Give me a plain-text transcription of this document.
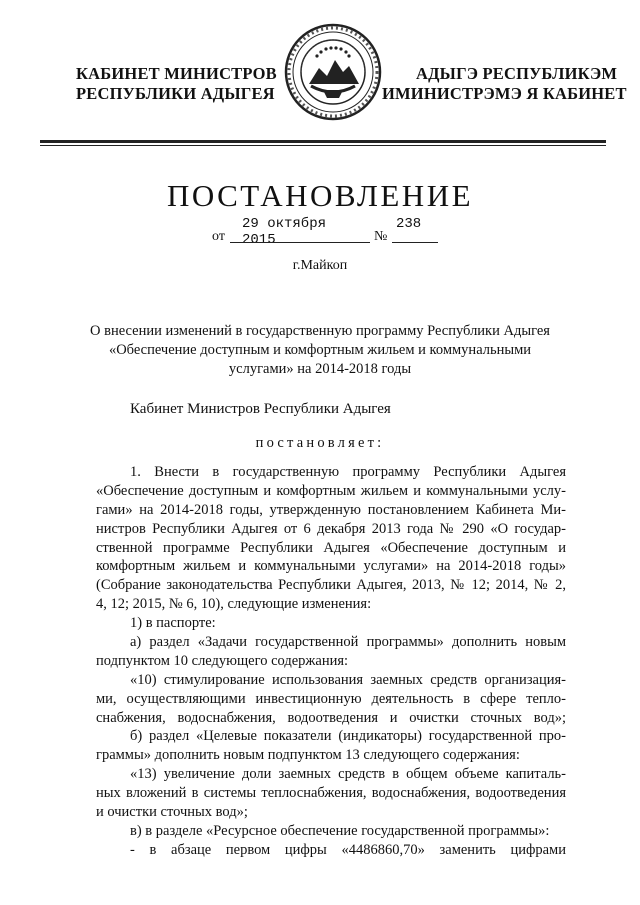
КАБИНЕТ МИНИСТРОВ
РЕСПУБЛИКИ АДЫГЕЯ
АДЫГЭ РЕСПУБЛИКЭМ
ИМИНИСТРЭМЭ Я КАБИНЕТ
ПОСТАНОВЛЕНИЕ
от
29 октября 2015	№
238
г.Майкоп
О внесении изменений в государственную программу Республики Адыгея
«Обеспечение доступным и комфортным жильем и коммунальными
услугами» на 2014-2018 годы
Кабинет Министров Республики Адыгея
постановляет:
1. Внести в государственную программу Республики Адыгея
«Обеспечение доступным и комфортным жильем и коммунальными услу-
гами» на 2014-2018 годы, утвержденную постановлением Кабинета Ми-
нистров Республики Адыгея от 6 декабря 2013 года № 290 «О государ-
ственной программе Республики Адыгея «Обеспечение доступным и
комфортным жильем и коммунальными услугами» на 2014-2018 годы»
(Собрание законодательства Республики Адыгея, 2013, № 12; 2014, № 2,
4, 12; 2015, № 6, 10), следующие изменения:
1) в паспорте:
а) раздел «Задачи государственной программы» дополнить новым
подпунктом 10 следующего содержания:
«10) стимулирование использования заемных средств организация-
ми, осуществляющими инвестиционную деятельность в сфере тепло-
снабжения, водоснабжения, водоотведения и очистки сточных вод»;
б) раздел «Целевые показатели (индикаторы) государственной про-
граммы» дополнить новым подпунктом 13 следующего содержания:
«13) увеличение доли заемных средств в общем объеме капиталь-
ных вложений в системы теплоснабжения, водоснабжения, водоотведения
и очистки сточных вод»;
в) в разделе «Ресурсное обеспечение государственной программы»:
- в абзаце первом цифры «4486860,70» заменить цифрами
